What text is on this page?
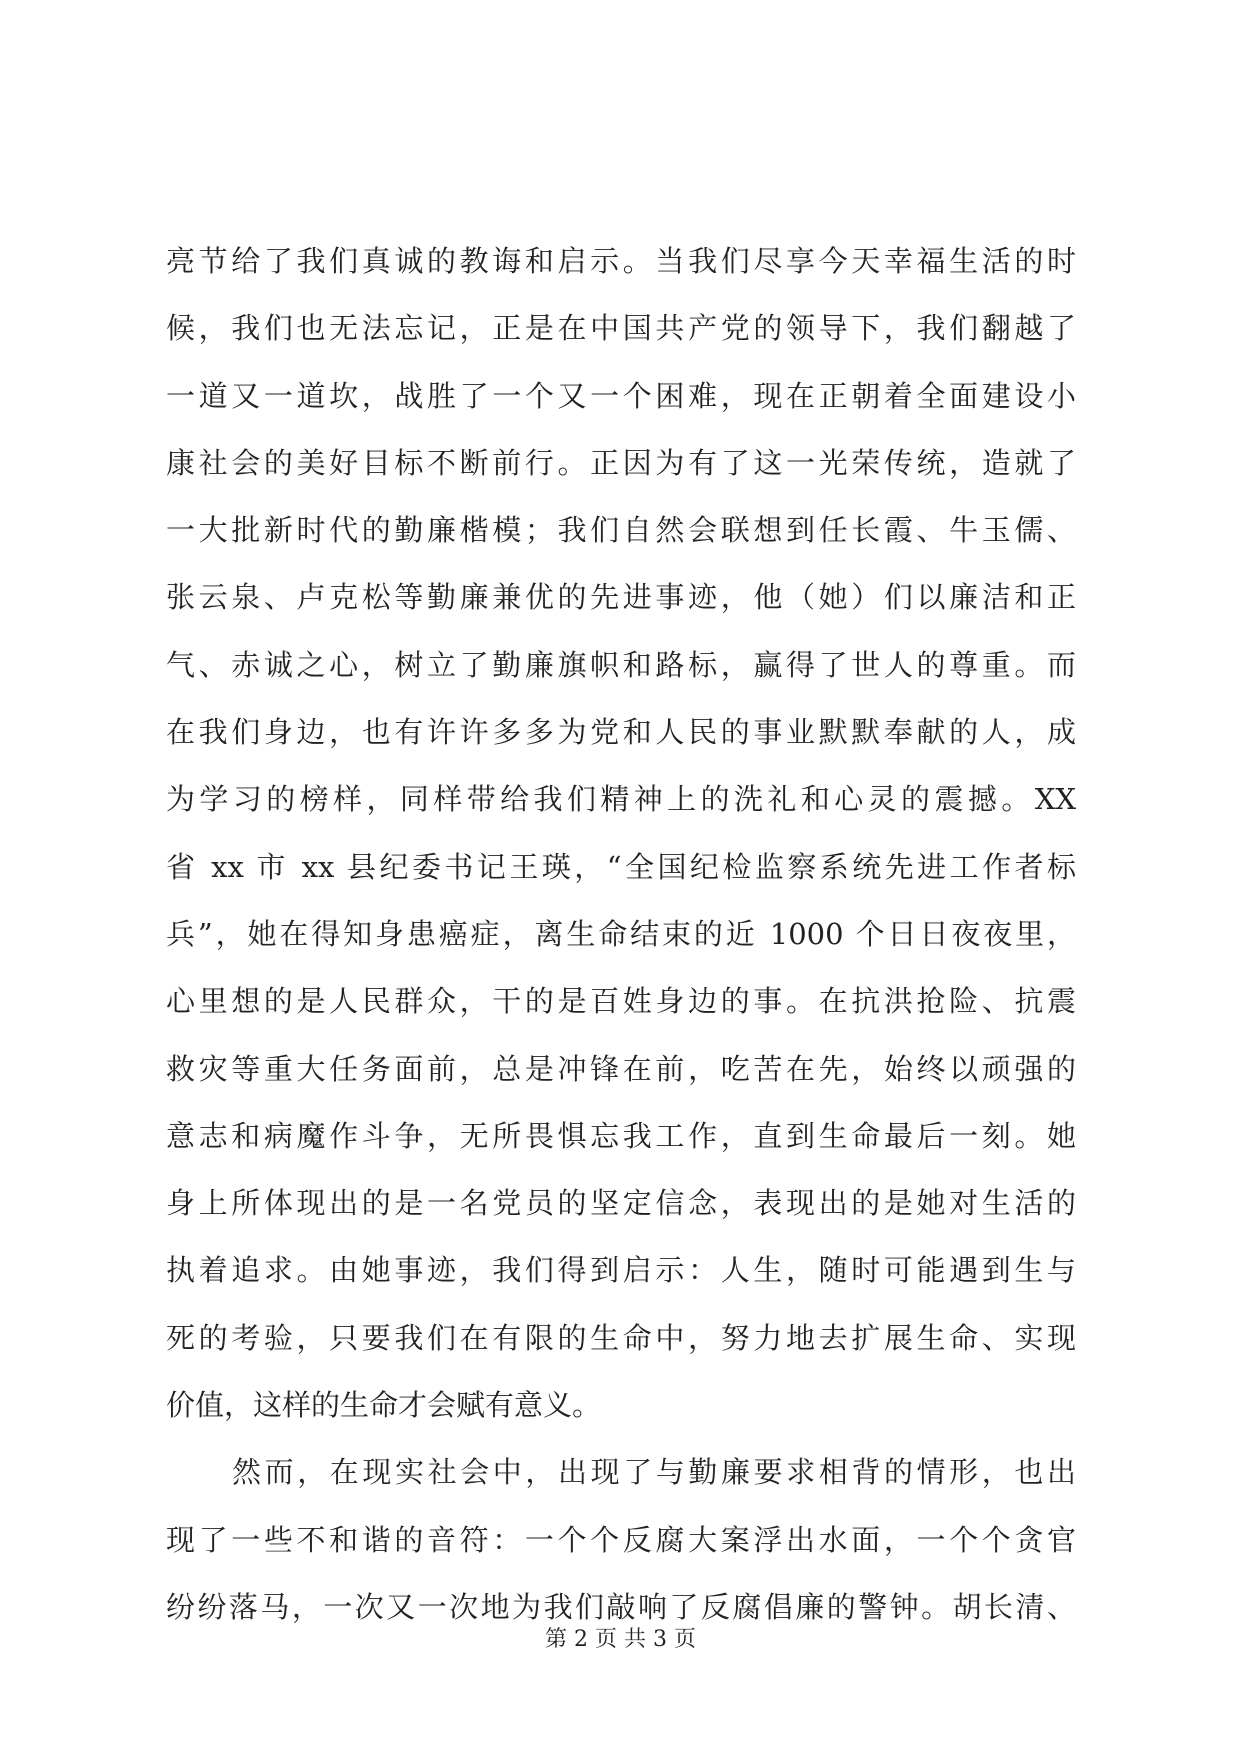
亮节给了我们真诚的教诲和启示。当我们尽享今天幸福生活的时
候，我们也无法忘记，正是在中国共产党的领导下，我们翻越了
一道又一道坎，战胜了一个又一个困难，现在正朝着全面建设小
康社会的美好目标不断前行。正因为有了这一光荣传统，造就了
一大批新时代的勤廉楷模；我们自然会联想到任长霞、牛玉儒、
张云泉、卢克松等勤廉兼优的先进事迹，他（她）们以廉洁和正
气、赤诚之心，树立了勤廉旗帜和路标，赢得了世人的尊重。而
在我们身边，也有许许多多为党和人民的事业默默奉献的人，成
为学习的榜样，同样带给我们精神上的洗礼和心灵的震撼。XX
省 xx 市 xx 县纪委书记王瑛，“全国纪检监察系统先进工作者标
兵”，她在得知身患癌症，离生命结束的近 1000 个日日夜夜里，
心里想的是人民群众，干的是百姓身边的事。在抗洪抢险、抗震
救灾等重大任务面前，总是冲锋在前，吃苦在先，始终以顽强的
意志和病魔作斗争，无所畏惧忘我工作，直到生命最后一刻。她
身上所体现出的是一名党员的坚定信念，表现出的是她对生活的
执着追求。由她事迹，我们得到启示：人生，随时可能遇到生与
死的考验，只要我们在有限的生命中，努力地去扩展生命、实现
价值，这样的生命才会赋有意义。
然而，在现实社会中，出现了与勤廉要求相背的情形，也出
现了一些不和谐的音符：一个个反腐大案浮出水面，一个个贪官
纷纷落马，一次又一次地为我们敲响了反腐倡廉的警钟。胡长清、
第 2 页 共 3 页
